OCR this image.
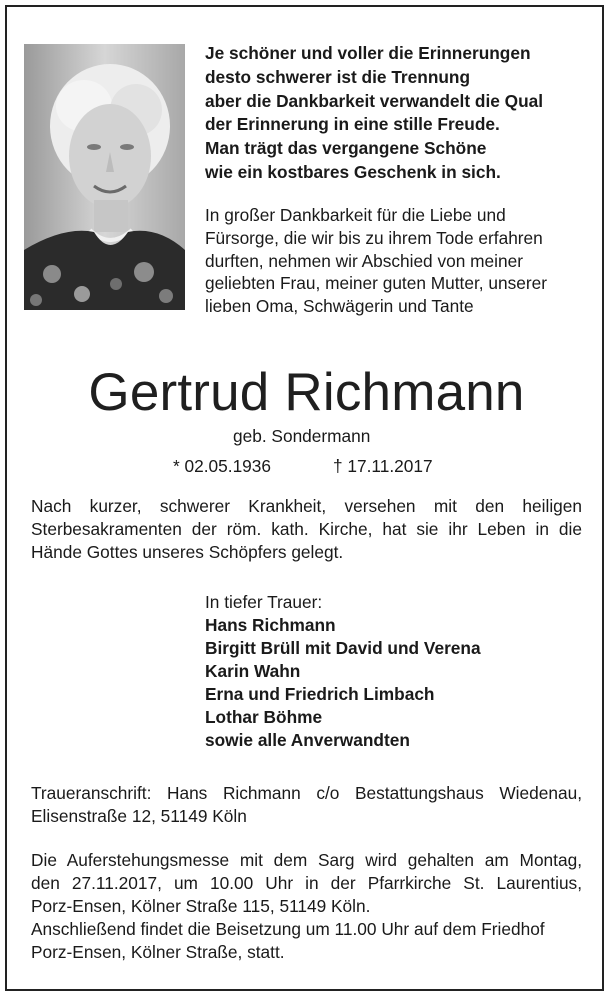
Je schöner und voller die Erinnerungen
desto schwerer ist die Trennung
aber die Dankbarkeit verwandelt die Qual
der Erinnerung in eine stille Freude.
Man trägt das vergangene Schöne
wie ein kostbares Geschenk in sich.
In großer Dankbarkeit für die Liebe und
Fürsorge, die wir bis zu ihrem Tode erfahren
durften, nehmen wir Abschied von meiner
geliebten Frau, meiner guten Mutter, unserer
lieben Oma, Schwägerin und Tante
Gertrud Richmann
geb. Sondermann
* 02.05.1936	† 17.11.2017
Nach kurzer, schwerer Krankheit, versehen mit den heiligen
Sterbesakramenten der röm. kath. Kirche, hat sie ihr Leben in die
Hände Gottes unseres Schöpfers gelegt.
In tiefer Trauer:
Hans Richmann
Birgitt Brüll mit David und Verena
Karin Wahn
Erna und Friedrich Limbach
Lothar Böhme
sowie alle Anverwandten
Traueranschrift: Hans Richmann c/o Bestattungshaus Wiedenau,
Elisenstraße 12, 51149 Köln
Die Auferstehungsmesse mit dem Sarg wird gehalten am Montag,
den 27.11.2017, um 10.00 Uhr in der Pfarrkirche St. Laurentius,
Porz-Ensen, Kölner Straße 115, 51149 Köln.
Anschließend findet die Beisetzung um 11.00 Uhr auf dem Friedhof
Porz-Ensen, Kölner Straße, statt.
